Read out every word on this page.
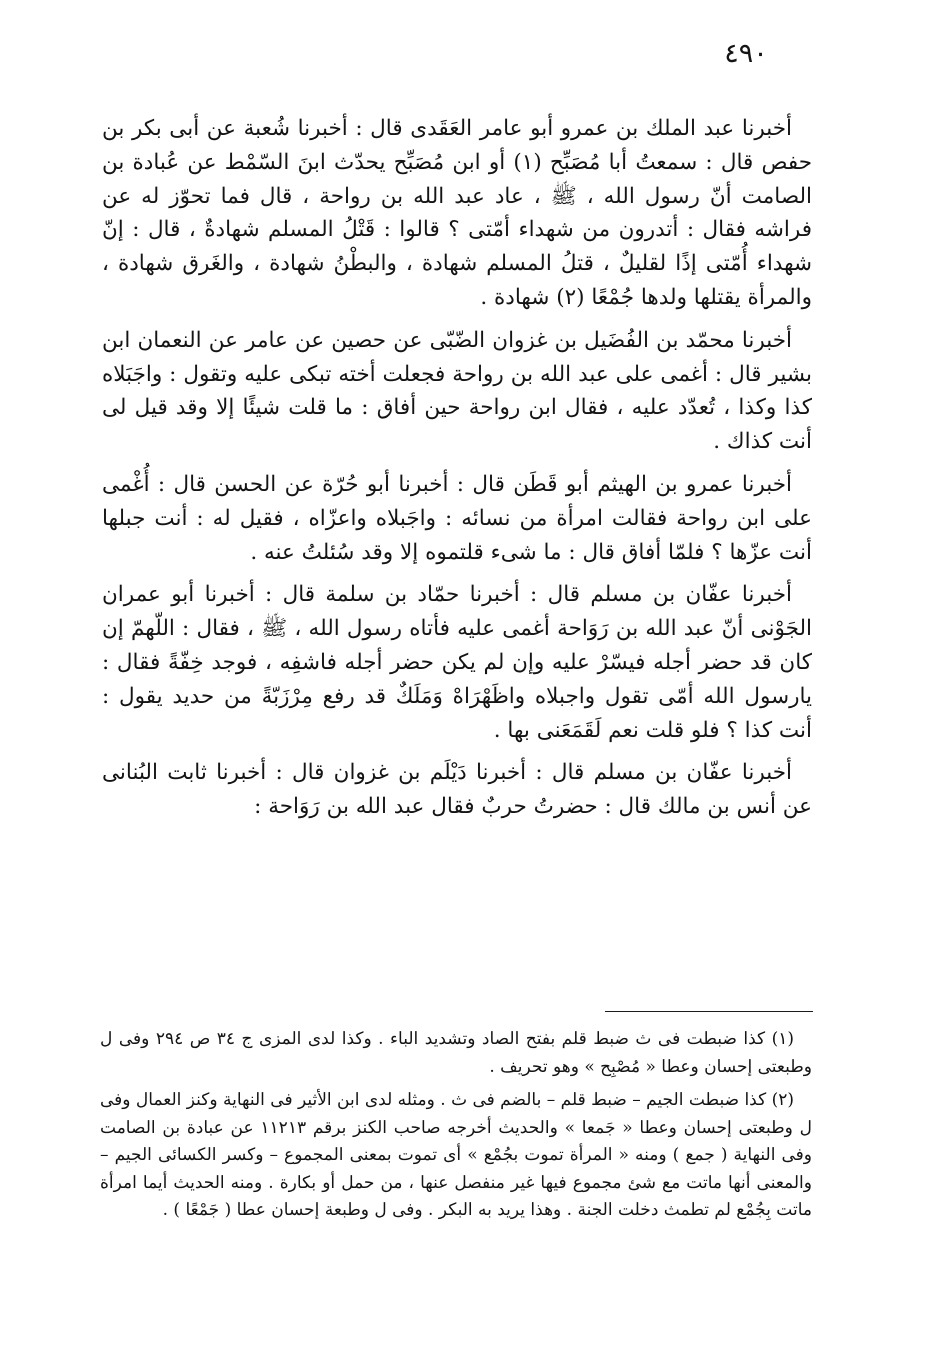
٤٩٠

أخبرنا عبد الملك بن عمرو أبو عامر العَقَدى قال : أخبرنا شُعبة عن أبى بكر بن حفص قال : سمعتُ أبا مُصَبِّح (١) أو ابن مُصَبِّح يحدّث ابنَ السّمْط عن عُبادة بن الصامت أنّ رسول الله ، ﷺ ، عاد عبد الله بن رواحة ، قال فما تحوّز له عن فراشه فقال : أتدرون من شهداء أمّتى ؟ قالوا : قَتْلُ المسلم شهادةٌ ، قال : إنّ شهداء أُمّتى إذًا لقليلٌ ، قتلُ المسلم شهادة ، والبطْنُ شهادة ، والغَرق شهادة ، والمرأة يقتلها ولدها جُمْعًا (٢) شهادة .

أخبرنا محمّد بن الفُضَيل بن غزوان الضّبّى عن حصين عن عامر عن النعمان ابن بشير قال : أغمى على عبد الله بن رواحة فجعلت أخته تبكى عليه وتقول : واجَبَلاه كذا وكذا ، تُعدّد عليه ، فقال ابن رواحة حين أفاق : ما قلت شيئًا إلا وقد قيل لى أنت كذاك .

أخبرنا عمرو بن الهيثم أبو قَطَن قال : أخبرنا أبو حُرّة عن الحسن قال : أُغْمى على ابن رواحة فقالت امرأة من نسائه : واجَبلاه واعزّاه ، فقيل له : أنت جبلها أنت عزّها ؟ فلمّا أفاق قال : ما شىء قلتموه إلا وقد سُئلتُ عنه .

أخبرنا عفّان بن مسلم قال : أخبرنا حمّاد بن سلمة قال : أخبرنا أبو عمران الجَوْنى أنّ عبد الله بن رَوَاحة أغمى عليه فأتاه رسول الله ، ﷺ ، فقال : اللّهمّ إن كان قد حضر أجله فيسّرْ عليه وإن لم يكن حضر أجله فاشفِه ، فوجد خِفّةً فقال : يارسول الله أمّى تقول واجبلاه واظَهْرَاهْ وَمَلَكٌ قد رفع مِرْزَبّةً من حديد يقول : أنت كذا ؟ فلو قلت نعم لَقَمَعَنى بها .

أخبرنا عفّان بن مسلم قال : أخبرنا دَيْلَم بن غزوان قال : أخبرنا ثابت البُنانى عن أنس بن مالك قال : حضرتُ حربٌ فقال عبد الله بن رَوَاحة :

(١) كذا ضبطت فى ث ضبط قلم بفتح الصاد وتشديد الباء . وكذا لدى المزى ج ٣٤ ص ٢٩٤ وفى ل وطبعتى إحسان وعطا « مُصْبِح » وهو تحريف .

(٢) كذا ضبطت الجيم – ضبط قلم – بالضم فى ث . ومثله لدى ابن الأثير فى النهاية وكنز العمال وفى ل وطبعتى إحسان وعطا « جَمعا » والحديث أخرجه صاحب الكنز برقم ١١٢١٣ عن عبادة بن الصامت وفى النهاية ( جمع ) ومنه « المرأة تموت بجُمْع » أى تموت بمعنى المجموع – وكسر الكسائى الجيم – والمعنى أنها ماتت مع شئ مجموع فيها غير منفصل عنها ، من حمل أو بكارة . ومنه الحديث أيما امرأة ماتت بِجُمْع لم تطمث دخلت الجنة . وهذا يريد به البكر . وفى ل وطبعة إحسان عطا ( جَمْعًا ) .
